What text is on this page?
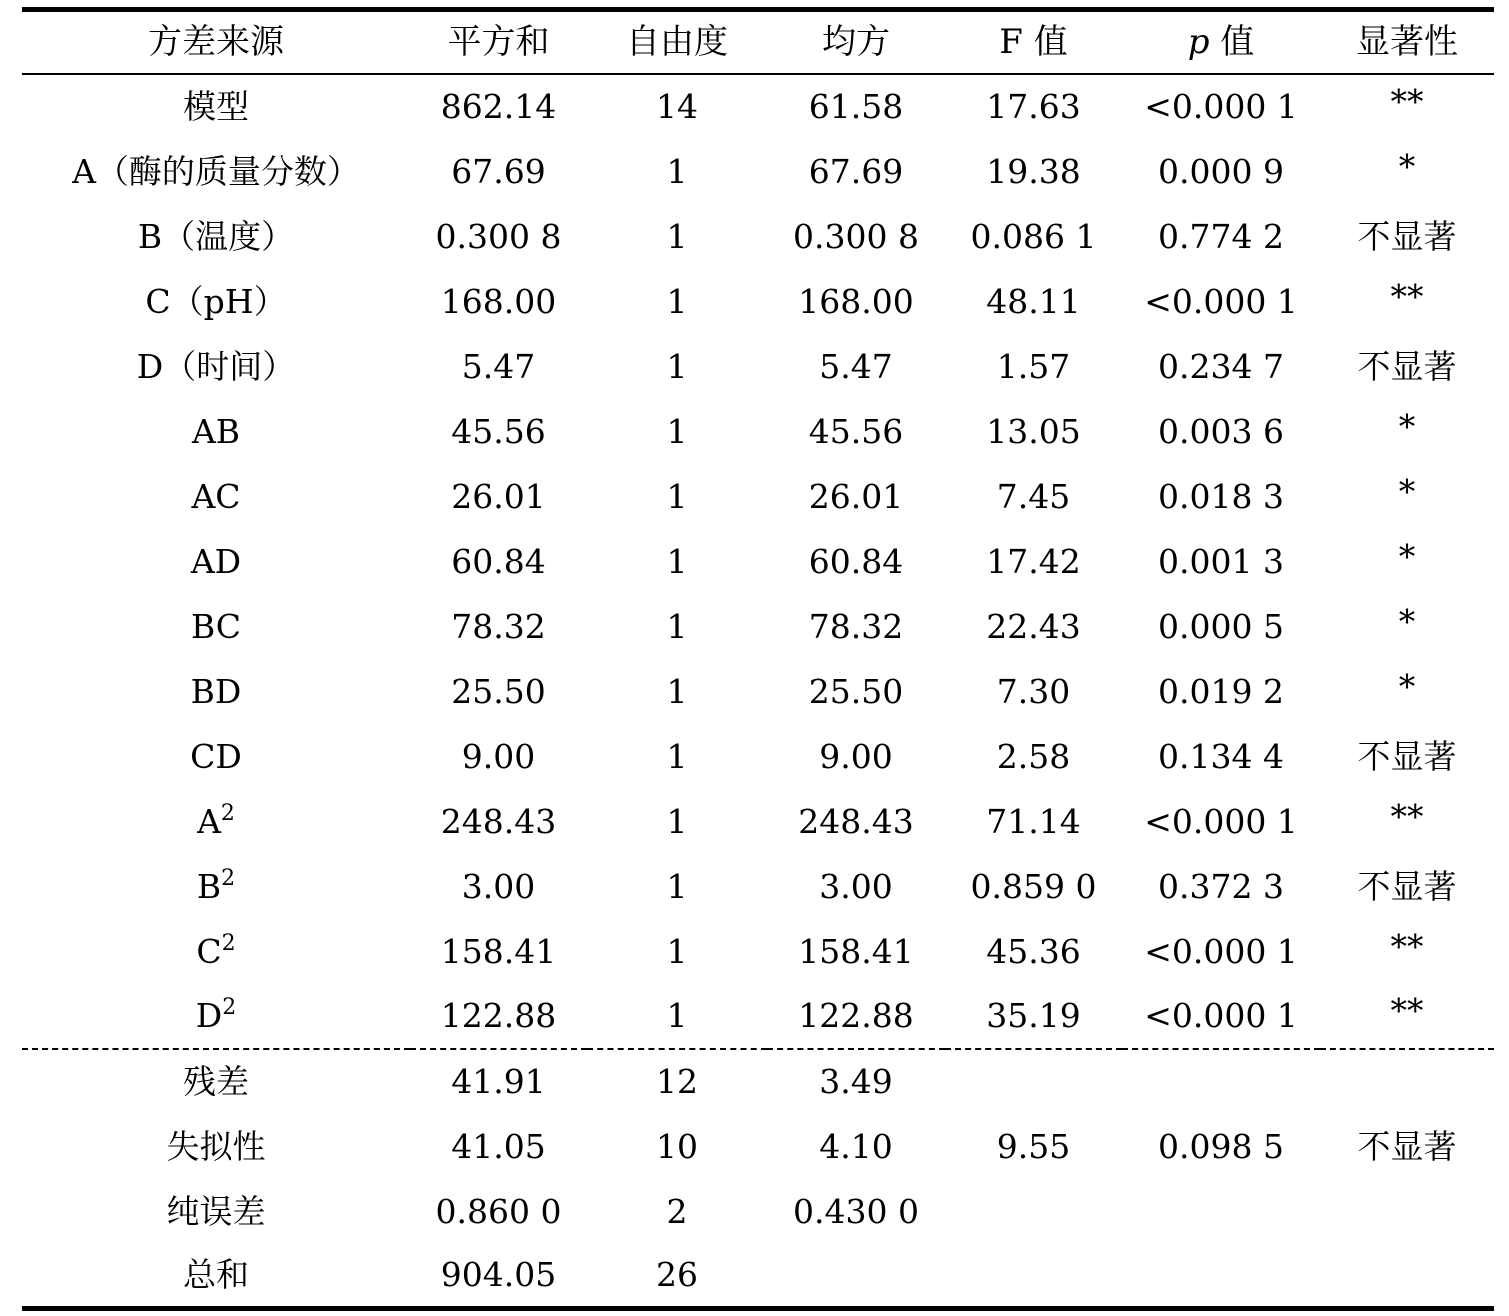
方差来源	平方和	自由度	均方	F 值	p 值	显著性
模型	862.14	14	61.58	17.63	<0.000 1	**
A（酶的质量分数）	67.69	1	67.69	19.38	0.000 9	*
B（温度）	0.300 8	1	0.300 8	0.086 1	0.774 2	不显著
C（pH）	168.00	1	168.00	48.11	<0.000 1	**
D（时间）	5.47	1	5.47	1.57	0.234 7	不显著
AB	45.56	1	45.56	13.05	0.003 6	*
AC	26.01	1	26.01	7.45	0.018 3	*
AD	60.84	1	60.84	17.42	0.001 3	*
BC	78.32	1	78.32	22.43	0.000 5	*
BD	25.50	1	25.50	7.30	0.019 2	*
CD	9.00	1	9.00	2.58	0.134 4	不显著
$A^2$	248.43	1	248.43	71.14	<0.000 1	**
$B^2$	3.00	1	3.00	0.859 0	0.372 3	不显著
$C^2$	158.41	1	158.41	45.36	<0.000 1	**
$D^2$	122.88	1	122.88	35.19	<0.000 1	**
残差	41.91	12	3.49			
失拟性	41.05	10	4.10	9.55	0.098 5	不显著
纯误差	0.860 0	2	0.430 0			
总和	904.05	26				
